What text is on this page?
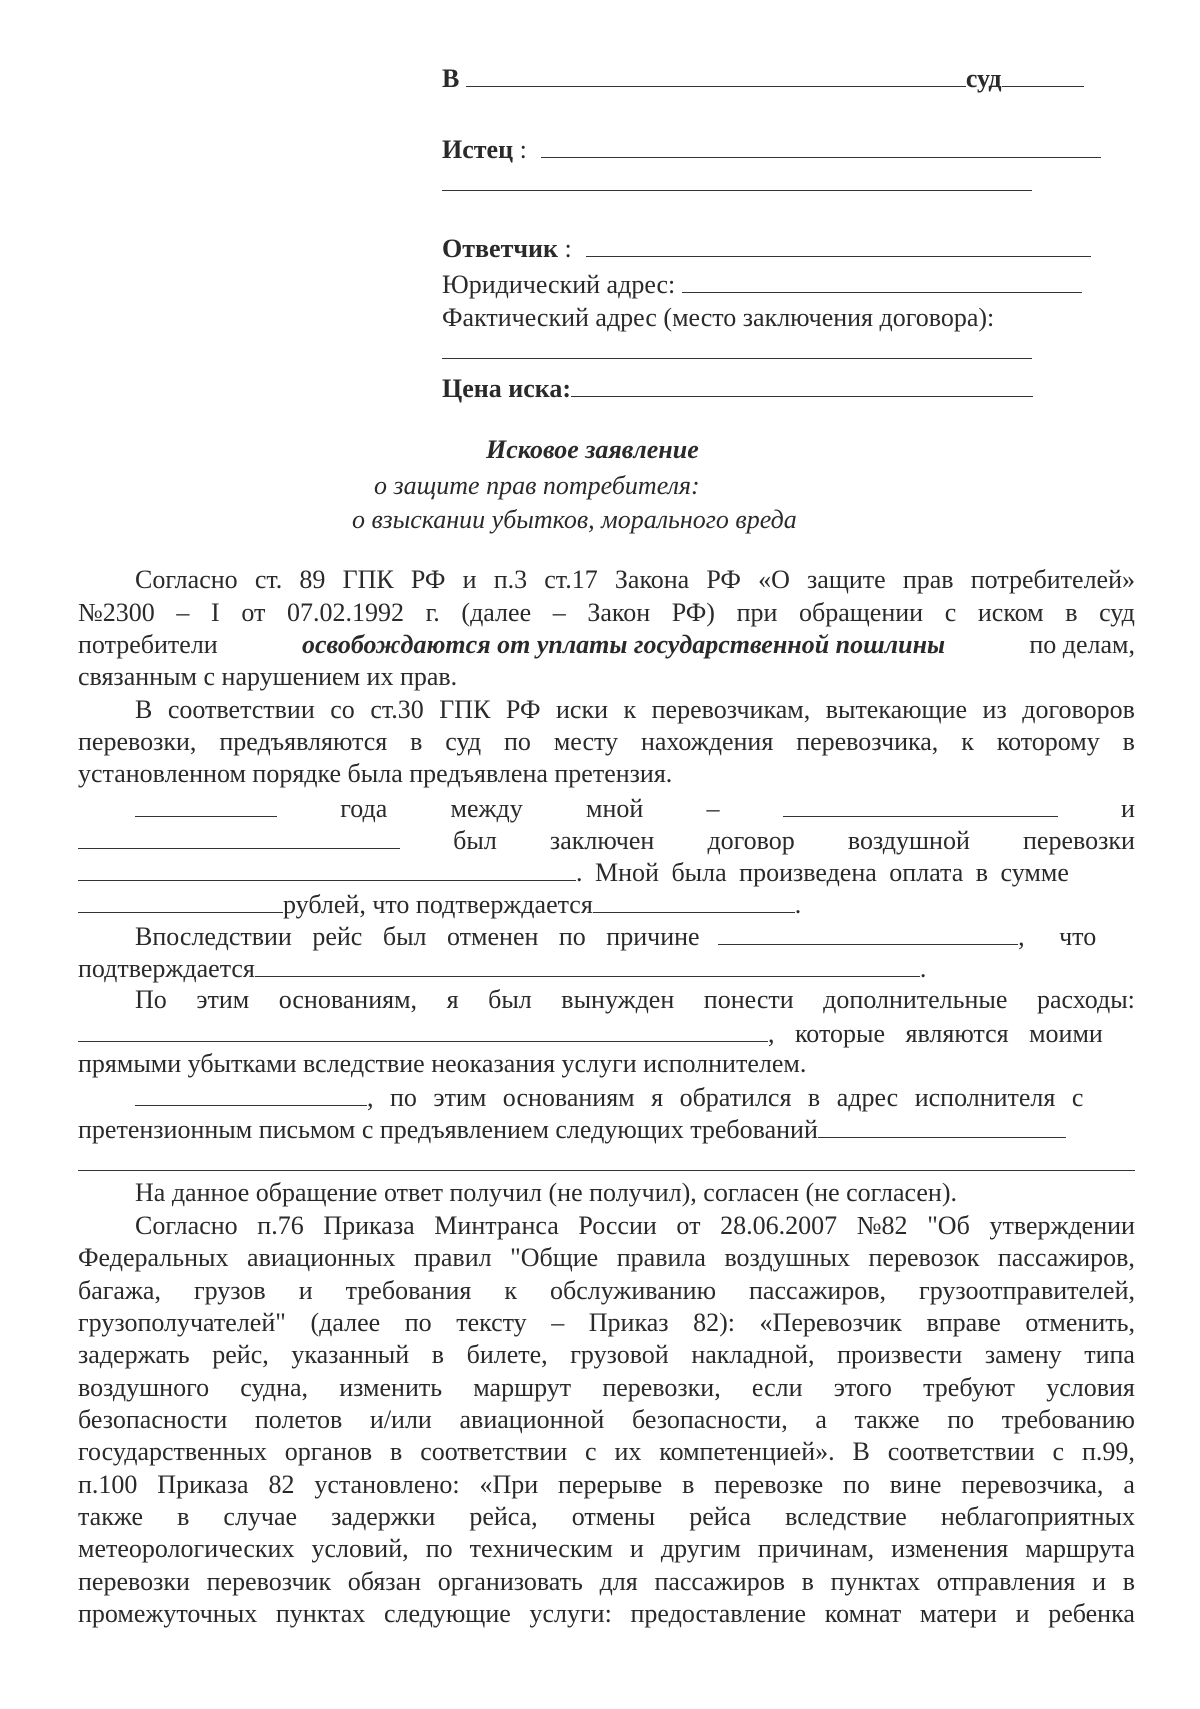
В	суд
Истец :
Ответчик :
Юридический адрес:
Фактический адрес (место заключения договора):
Цена иска:
Исковое заявление
о защите прав потребителя:
о взыскании убытков, морального вреда
Согласно ст. 89 ГПК РФ и п.3 ст.17 Закона РФ «О защите прав потребителей»
№2300 – I от 07.02.1992 г. (далее – Закон РФ) при обращении с иском в суд
потребители	освобождаются от уплаты государственной пошлины	по делам,
связанным с нарушением их прав.
В соответствии со ст.30 ГПК РФ иски к перевозчикам, вытекающие из договоров
перевозки, предъявляются в суд по месту нахождения перевозчика, к которому в
установленном порядке была предъявлена претензия.
года между мной –	и
был заключен договор воздушной перевозки
. Мной была произведена оплата в сумме
рублей, что подтверждается	.
Впоследствии рейс был отменен по причине	, что
подтверждается	.
По этим основаниям, я был вынужден понести дополнительные расходы:
, которые являются моими
прямыми убытками вследствие неоказания услуги исполнителем.
, по этим основаниям я обратился в адрес исполнителя с
претензионным письмом с предъявлением следующих требований
На данное обращение ответ получил (не получил), согласен (не согласен).
Согласно п.76 Приказа Минтранса России от 28.06.2007 №82 "Об утверждении
Федеральных авиационных правил "Общие правила воздушных перевозок пассажиров,
багажа, грузов и требования к обслуживанию пассажиров, грузоотправителей,
грузополучателей" (далее по тексту – Приказ 82): «Перевозчик вправе отменить,
задержать рейс, указанный в билете, грузовой накладной, произвести замену типа
воздушного судна, изменить маршрут перевозки, если этого требуют условия
безопасности полетов и/или авиационной безопасности, а также по требованию
государственных органов в соответствии с их компетенцией». В соответствии с п.99,
п.100 Приказа 82 установлено: «При перерыве в перевозке по вине перевозчика, а
также в случае задержки рейса, отмены рейса вследствие неблагоприятных
метеорологических условий, по техническим и другим причинам, изменения маршрута
перевозки перевозчик обязан организовать для пассажиров в пунктах отправления и в
промежуточных пунктах следующие услуги: предоставление комнат матери и ребенка
